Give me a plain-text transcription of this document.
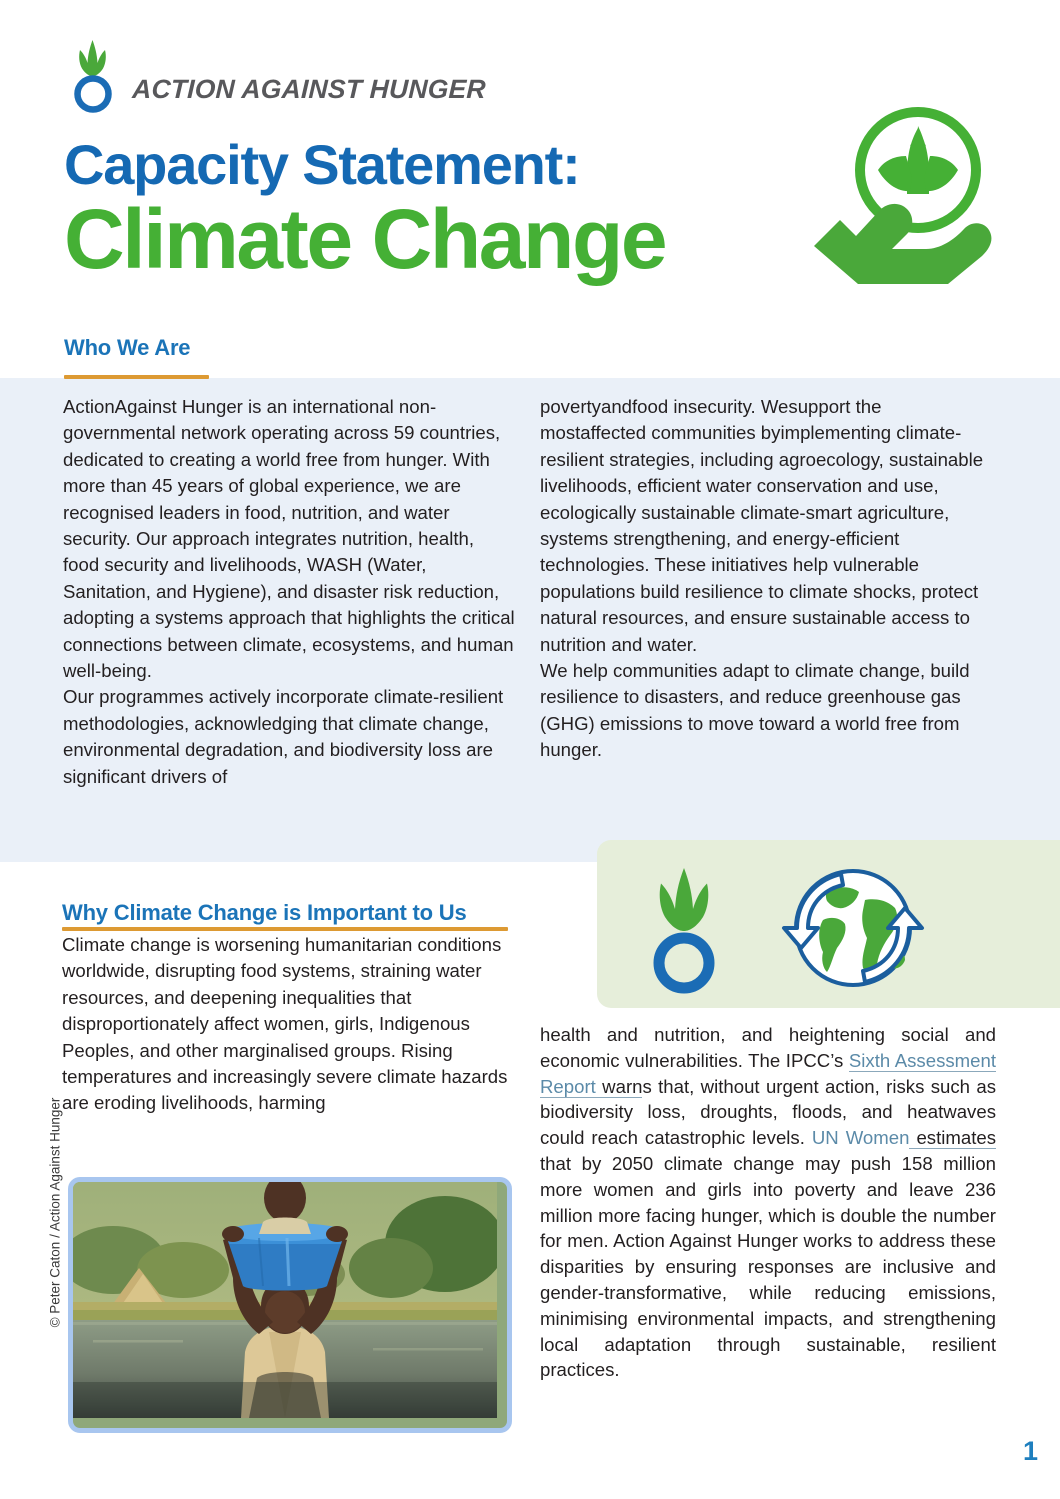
ACTION AGAINST HUNGER
Capacity Statement:
Climate Change
Who We Are
ActionAgainst Hunger is an international non-governmental network operating across 59 countries, dedicated to creating a world free from hunger. With more than 45 years of global experience, we are recognised leaders in food, nutrition, and water security. Our approach integrates nutrition, health, food security and livelihoods, WASH (Water, Sanitation, and Hygiene), and disaster risk reduction, adopting a systems approach that highlights the critical connections between climate, ecosystems, and human well-being.
Our programmes actively incorporate climate-resilient methodologies, acknowledging that climate change, environmental degradation, and biodiversity loss are significant drivers of
povertyandfood insecurity. Wesupport the mostaffected communities byimplementing climate-resilient strategies, including agroecology, sustainable livelihoods, efficient water conservation and use, ecologically sustainable climate-smart agriculture, systems strengthening, and energy-efficient technologies. These initiatives help vulnerable populations build resilience to climate shocks, protect natural resources, and ensure sustainable access to nutrition and water.
We help communities adapt to climate change, build resilience to disasters, and reduce greenhouse gas (GHG) emissions to move toward a world free from hunger.
Why Climate Change is Important to Us
Climate change is worsening humanitarian conditions worldwide, disrupting food systems, straining water resources, and deepening inequalities that disproportionately affect women, girls, Indigenous Peoples, and other marginalised groups. Rising temperatures and increasingly severe climate hazards are eroding livelihoods, harming
health and nutrition, and heightening social and economic vulnerabilities. The IPCC’s Sixth Assessment Report warns that, without urgent action, risks such as biodiversity loss, droughts, floods, and heatwaves could reach catastrophic levels. UN Women estimates that by 2050 climate change may push 158 million more women and girls into poverty and leave 236 million more facing hunger, which is double the number for men. Action Against Hunger works to address these disparities by ensuring responses are inclusive and gender-transformative, while reducing emissions, minimising environmental impacts, and strengthening local adaptation through sustainable, resilient practices.
© Peter Caton / Action Against Hunger
1
